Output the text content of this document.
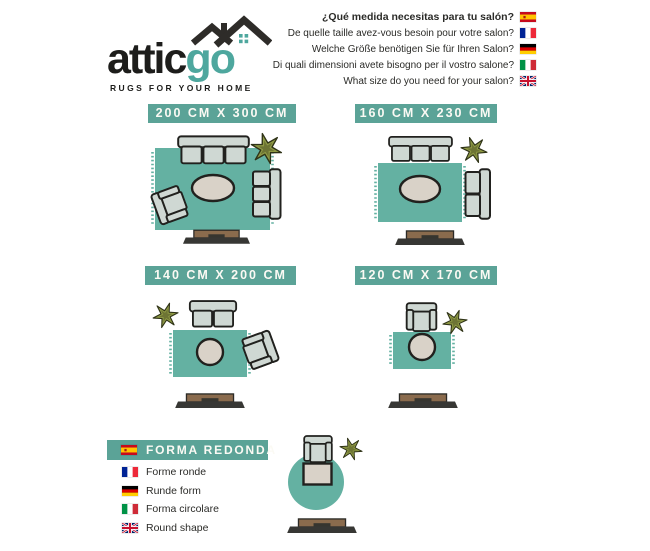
atticgo
RUGS FOR YOUR HOME
¿Qué medida necesitas para tu salón?
De quelle taille avez-vous besoin pour votre salon?
Welche Größe benötigen Sie für Ihren Salon?
Di quali dimensioni avete bisogno per il vostro salone?
What size do you need for your salon?
200 CM X 300 CM	160 CM X 230 CM
140 CM X 200 CM	120 CM X 170 CM
FORMA REDONDA
Forme ronde
Runde form
Forma circolare
Round shape
